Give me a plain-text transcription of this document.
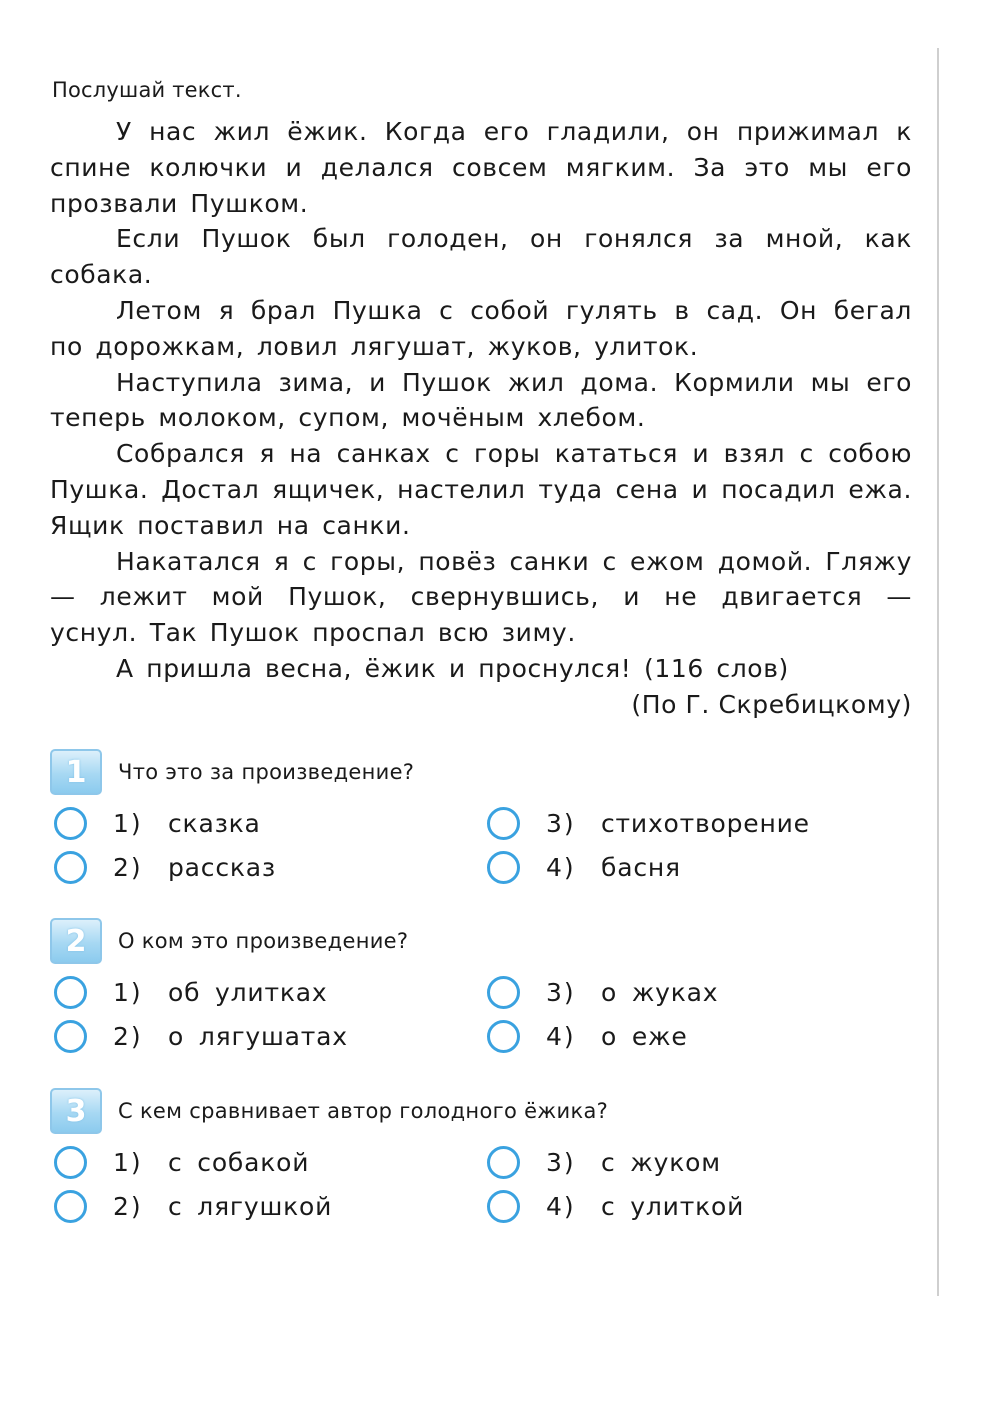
Послушай текст.

У нас жил ёжик. Когда его гладили, он прижимал к спине колючки и делался совсем мягким. За это мы его прозвали Пушком.

Если Пушок был голоден, он гонялся за мной, как собака.

Летом я брал Пушка с собой гулять в сад. Он бегал по дорожкам, ловил лягушат, жуков, улиток.

Наступила зима, и Пушок жил дома. Кормили мы его теперь молоком, супом, мочёным хлебом.

Собрался я на санках с горы кататься и взял с собою Пушка. Достал ящичек, настелил туда сена и посадил ежа. Ящик поставил на санки.

Накатался я с горы, повёз санки с ежом домой. Гляжу — лежит мой Пушок, свернувшись, и не двигается — уснул. Так Пушок проспал всю зиму.

А пришла весна, ёжик и проснулся! (116 слов)

(По Г. Скребицкому)
1	Что это за произведение?
1)	сказка
2)	рассказ
3)	стихотворение
4)	басня
2	О ком это произведение?
1)	об улитках
2)	о лягушатах
3)	о жуках
4)	о еже
3	С кем сравнивает автор голодного ёжика?
1)	с собакой
2)	с лягушкой
3)	с жуком
4)	с улиткой
